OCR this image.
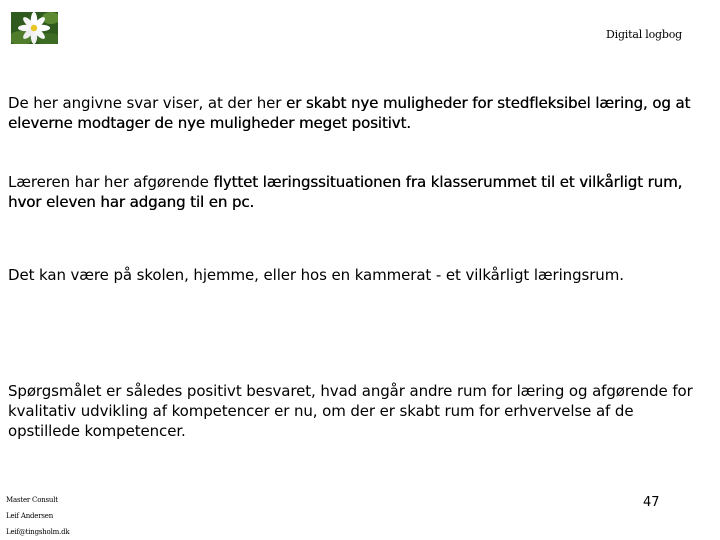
Digital logbog
De her angivne svar viser, at der her er skabt nye muligheder for stedfleksibel læring, og at eleverne modtager de nye muligheder meget positivt.
Læreren har her afgørende flyttet læringssituationen fra klasserummet til et vilkårligt rum, hvor eleven har adgang til en pc.
Det kan være på skolen, hjemme, eller hos en kammerat - et vilkårligt læringsrum.
Spørgsmålet er således positivt besvaret, hvad angår andre rum for læring og afgørende for kvalitativ udvikling af kompetencer er nu, om der er skabt rum for erhvervelse af de opstillede kompetencer.
Master Consult
Leif Andersen
Leif@tingsholm.dk
47
